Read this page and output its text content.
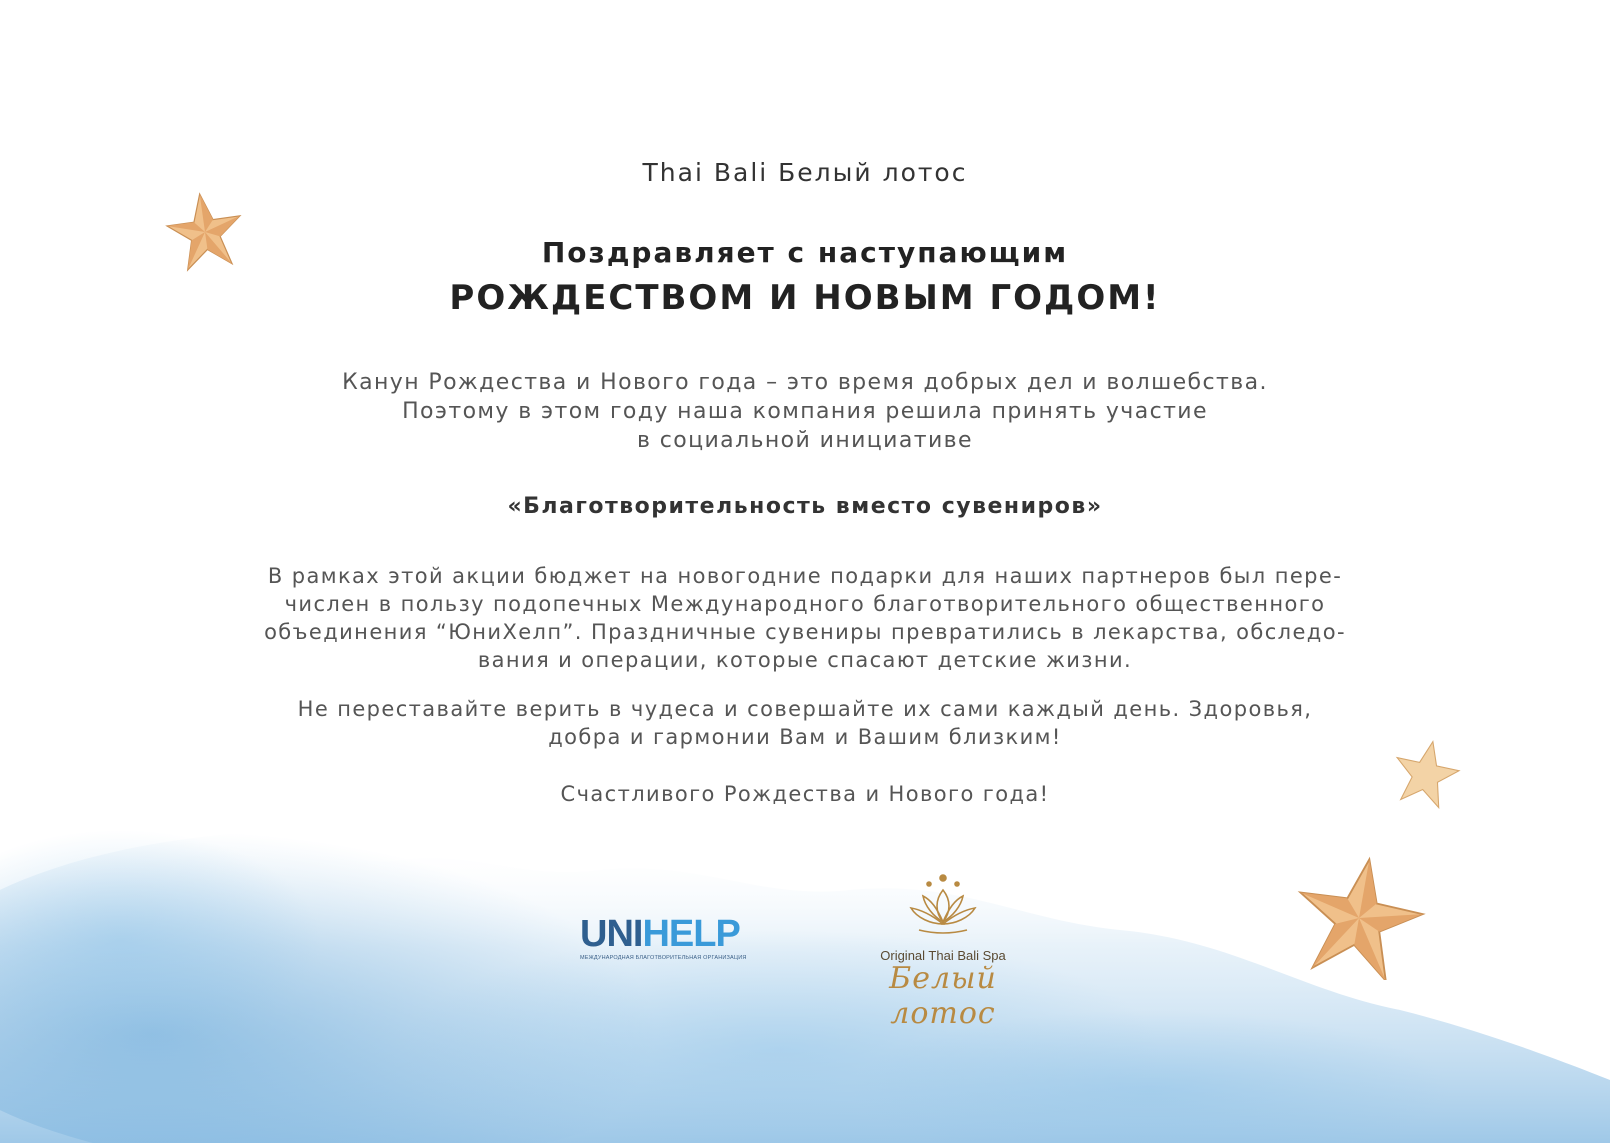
Thai Bali Белый лотос
Поздравляет с наступающим
РОЖДЕСТВОМ И НОВЫМ ГОДОМ!
Канун Рождества и Нового года – это время добрых дел и волшебства.
Поэтому в этом году наша компания решила принять участие
в социальной инициативе
«Благотворительность вместо сувениров»
В рамках этой акции бюджет на новогодние подарки для наших партнеров был пере-
числен в пользу подопечных Международного благотворительного общественного
объединения “ЮниХелп”. Праздничные сувениры превратились в лекарства, обследо-
вания и операции, которые спасают детские жизни.
Не переставайте верить в чудеса и совершайте их сами каждый день. Здоровья,
добра и гармонии Вам и Вашим близким!
Счастливого Рождества и Нового года!
UNIHELP
МЕЖДУНАРОДНАЯ БЛАГОТВОРИТЕЛЬНАЯ ОРГАНИЗАЦИЯ	Original Thai Bali Spa
Белый лотос
